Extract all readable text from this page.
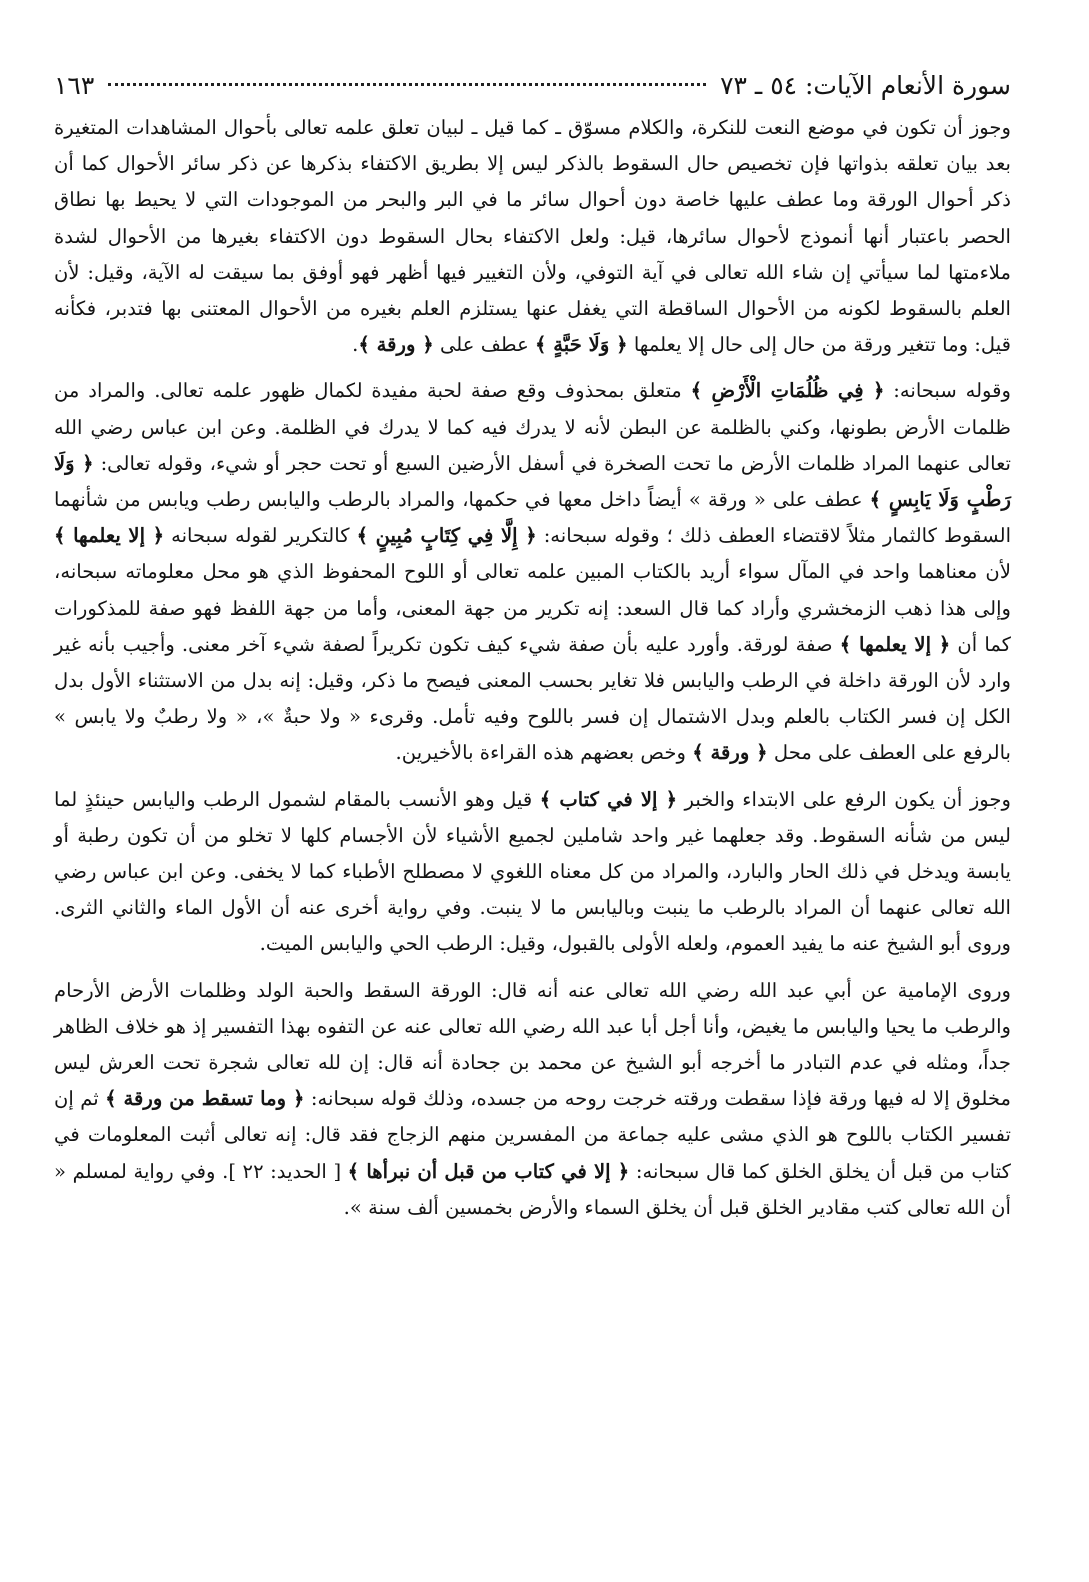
سورة الأنعام الآيات: ٥٤ ـ ٧٣
١٦٣

وجوز أن تكون في موضع النعت للنكرة، والكلام مسوّق ـ كما قيل ـ لبيان تعلق علمه تعالى بأحوال المشاهدات المتغيرة بعد بيان تعلقه بذواتها فإن تخصيص حال السقوط بالذكر ليس إلا بطريق الاكتفاء بذكرها عن ذكر سائر الأحوال كما أن ذكر أحوال الورقة وما عطف عليها خاصة دون أحوال سائر ما في البر والبحر من الموجودات التي لا يحيط بها نطاق الحصر باعتبار أنها أنموذج لأحوال سائرها، قيل: ولعل الاكتفاء بحال السقوط دون الاكتفاء بغيرها من الأحوال لشدة ملاءمتها لما سيأتي إن شاء الله تعالى في آية التوفي، ولأن التغيير فيها أظهر فهو أوفق بما سيقت له الآية، وقيل: لأن العلم بالسقوط لكونه من الأحوال الساقطة التي يغفل عنها يستلزم العلم بغيره من الأحوال المعتنى بها فتدبر، فكأنه قيل: وما تتغير ورقة من حال إلى حال إلا يعلمها ﴿ وَلَا حَبَّةٍ ﴾ عطف على ﴿ ورقة ﴾.

وقوله سبحانه: ﴿ فِي ظُلُمَاتِ الْأَرْضِ ﴾ متعلق بمحذوف وقع صفة لحبة مفيدة لكمال ظهور علمه تعالى. والمراد من ظلمات الأرض بطونها، وكني بالظلمة عن البطن لأنه لا يدرك فيه كما لا يدرك في الظلمة. وعن ابن عباس رضي الله تعالى عنهما المراد ظلمات الأرض ما تحت الصخرة في أسفل الأرضين السبع أو تحت حجر أو شيء، وقوله تعالى: ﴿ وَلَا رَطْبٍ وَلَا يَابِسٍ ﴾ عطف على « ورقة » أيضاً داخل معها في حكمها، والمراد بالرطب واليابس رطب ويابس من شأنهما السقوط كالثمار مثلاً لاقتضاء العطف ذلك ؛ وقوله سبحانه: ﴿ إِلَّا فِي كِتَابٍ مُبِينٍ ﴾ كالتكرير لقوله سبحانه ﴿ إلا يعلمها ﴾ لأن معناهما واحد في المآل سواء أريد بالكتاب المبين علمه تعالى أو اللوح المحفوظ الذي هو محل معلوماته سبحانه، وإلى هذا ذهب الزمخشري وأراد كما قال السعد: إنه تكرير من جهة المعنى، وأما من جهة اللفظ فهو صفة للمذكورات كما أن ﴿ إلا يعلمها ﴾ صفة لورقة. وأورد عليه بأن صفة شيء كيف تكون تكريراً لصفة شيء آخر معنى. وأجيب بأنه غير وارد لأن الورقة داخلة في الرطب واليابس فلا تغاير بحسب المعنى فيصح ما ذكر، وقيل: إنه بدل من الاستثناء الأول بدل الكل إن فسر الكتاب بالعلم وبدل الاشتمال إن فسر باللوح وفيه تأمل. وقرىء « ولا حبةٌ »، « ولا رطبٌ ولا يابس » بالرفع على العطف على محل ﴿ ورقة ﴾ وخص بعضهم هذه القراءة بالأخيرين.

وجوز أن يكون الرفع على الابتداء والخبر ﴿ إلا في كتاب ﴾ قيل وهو الأنسب بالمقام لشمول الرطب واليابس حينئذٍ لما ليس من شأنه السقوط. وقد جعلهما غير واحد شاملين لجميع الأشياء لأن الأجسام كلها لا تخلو من أن تكون رطبة أو يابسة ويدخل في ذلك الحار والبارد، والمراد من كل معناه اللغوي لا مصطلح الأطباء كما لا يخفى. وعن ابن عباس رضي الله تعالى عنهما أن المراد بالرطب ما ينبت وباليابس ما لا ينبت. وفي رواية أخرى عنه أن الأول الماء والثاني الثرى. وروى أبو الشيخ عنه ما يفيد العموم، ولعله الأولى بالقبول، وقيل: الرطب الحي واليابس الميت.

وروى الإمامية عن أبي عبد الله رضي الله تعالى عنه أنه قال: الورقة السقط والحبة الولد وظلمات الأرض الأرحام والرطب ما يحيا واليابس ما يغيض، وأنا أجل أبا عبد الله رضي الله تعالى عنه عن التفوه بهذا التفسير إذ هو خلاف الظاهر جداً، ومثله في عدم التبادر ما أخرجه أبو الشيخ عن محمد بن جحادة أنه قال: إن لله تعالى شجرة تحت العرش ليس مخلوق إلا له فيها ورقة فإذا سقطت ورقته خرجت روحه من جسده، وذلك قوله سبحانه: ﴿ وما تسقط من ورقة ﴾ ثم إن تفسير الكتاب باللوح هو الذي مشى عليه جماعة من المفسرين منهم الزجاج فقد قال: إنه تعالى أثبت المعلومات في كتاب من قبل أن يخلق الخلق كما قال سبحانه: ﴿ إلا في كتاب من قبل أن نبرأها ﴾ [ الحديد: ٢٢ ]. وفي رواية لمسلم « أن الله تعالى كتب مقادير الخلق قبل أن يخلق السماء والأرض بخمسين ألف سنة ».
